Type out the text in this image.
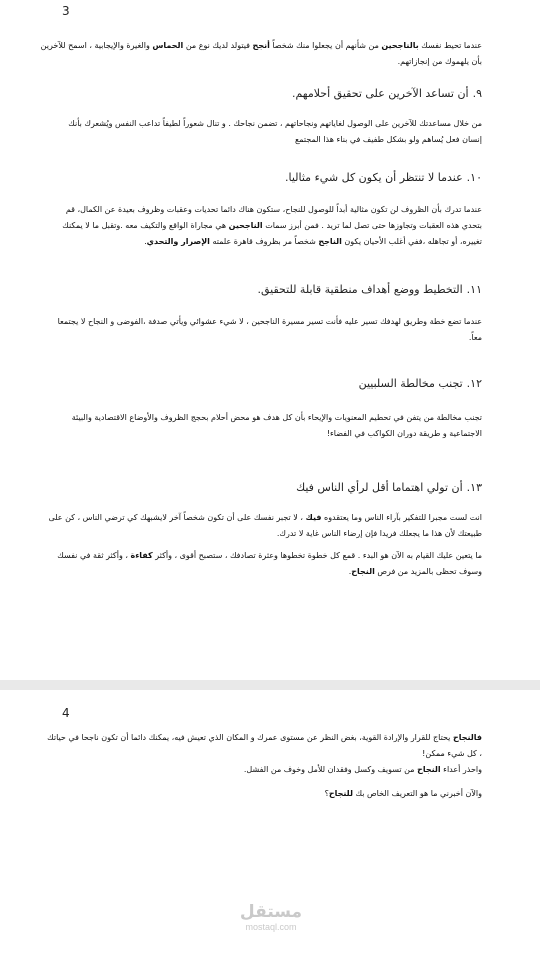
3
عندما تحيط نفسك بالناجحين من شأنهم أن يجعلوا منك شخصاً أنجح فيتولد لديك نوع من الحماس والغيرة والإيجابية ، اسمح للآخرين
بأن يلهموك من إنجازاتهم.
٩.أن تساعد الآخرين على تحقيق أحلامهم.
من خلال مساعدتك للآخرين على الوصول لغاياتهم ونجاحاتهم ، تضمن نجاحك . و تنال شعوراً لطيفاً تداعب النفس ويُشعرك بأنك
إنسان فعل يُساهم ولو بشكل طفيف في بناء هذا المجتمع
١٠.عندما لا تنتظر أن يكون كل شيء مثاليا.
عندما تدرك بأن الظروف لن تكون مثالية أبداً للوصول للنجاح، ستكون هناك دائما تحديات وعقبات وظروف بعيدة عن الكمال، قم
بتحدي هذه العقبات وتجاوزها حتى تصل لما تريد . فمن أبرز سمات الناجحين هي مجاراة الواقع والتكيف معه .وتقبل ما لا يمكنك
تغييره، أو تجاهله ،ففي أغلب الأحيان يكون الناجح شخصاً مر بظروف قاهرة علمته الإصرار والتحدي.
١١.التخطيط ووضع أهداف منطقية قابلة للتحقيق.
عندما تضع خطة وطريق لهدفك تسير عليه فأنت تسير مسيرة الناجحين ، لا شيء عشوائي ويأتي صدفة ،الفوضى و النجاح لا يجتمعا
معاً.
١٢.تجنب مخالطة السلبيين
تجنب مخالطة من يتفن في تحطيم المعنويات والإيحاء بأن كل هدف هو محض أحلام بحجج الظروف والأوضاع الاقتصادية والبيئة
الاجتماعية و طريقة دوران الكواكب في الفضاء!
١٣.أن تولي اهتماما أقل لرأي الناس فيك
انت لست مجبرا للتفكير بآراء الناس وما يعتقدوه فيك ، لا تجبر نفسك على أن تكون شخصاً آخر لايشبهك كي ترضي الناس ، كن على
طبيعتك لأن هذا ما يجعلك فريدا فإن إرضاء الناس غاية لا تدرك.
ما يتعين عليك القيام به الآن هو البدء . قمع كل خطوة تخطوها وعثرة تصادفك ، ستصبح أقوى ، وأكثر كفاءة ، وأكثر ثقة في نفسك
وسوف تحظى بالمزيد من فرص النجاح.
4
فالنجاح يحتاج للقرار والإرادة القوية، بغض النظر عن مستوى عمرك و المكان الذي تعيش فيه، يمكنك دائما أن تكون ناجحا في حياتك
، كل شيء ممكن!
واحذر أعداء النجاح من تسويف وكسل وفقدان للأمل وخوف من الفشل.
والآن أخبرني ما هو التعريف الخاص بك للنجاح؟
مستقل
mostaql.com
